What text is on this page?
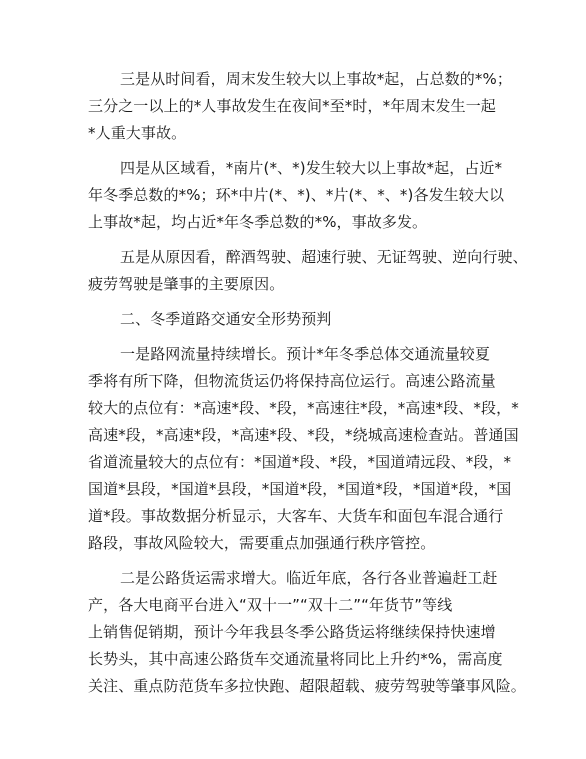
三是从时间看，周末发生较大以上事故*起，占总数的*%；
三分之一以上的*人事故发生在夜间*至*时，*年周末发生一起
*人重大事故。
四是从区域看，*南片(*、*)发生较大以上事故*起，占近*
年冬季总数的*%；环*中片(*、*)、*片(*、*、*)各发生较大以
上事故*起，均占近*年冬季总数的*%，事故多发。
五是从原因看，醉酒驾驶、超速行驶、无证驾驶、逆向行驶、
疲劳驾驶是肇事的主要原因。
二、冬季道路交通安全形势预判
一是路网流量持续增长。预计*年冬季总体交通流量较夏
季将有所下降，但物流货运仍将保持高位运行。高速公路流量
较大的点位有：*高速*段、*段，*高速往*段，*高速*段、*段，*
高速*段，*高速*段，*高速*段、*段，*绕城高速检查站。普通国
省道流量较大的点位有：*国道*段、*段，*国道靖远段、*段，*
国道*县段，*国道*县段，*国道*段，*国道*段，*国道*段，*国
道*段。事故数据分析显示，大客车、大货车和面包车混合通行
路段，事故风险较大，需要重点加强通行秩序管控。
二是公路货运需求增大。临近年底，各行各业普遍赶工赶
产，各大电商平台进入“双十一”“双十二”“年货节”等线
上销售促销期，预计今年我县冬季公路货运将继续保持快速增
长势头，其中高速公路货车交通流量将同比上升约*%，需高度
关注、重点防范货车多拉快跑、超限超载、疲劳驾驶等肇事风险。
